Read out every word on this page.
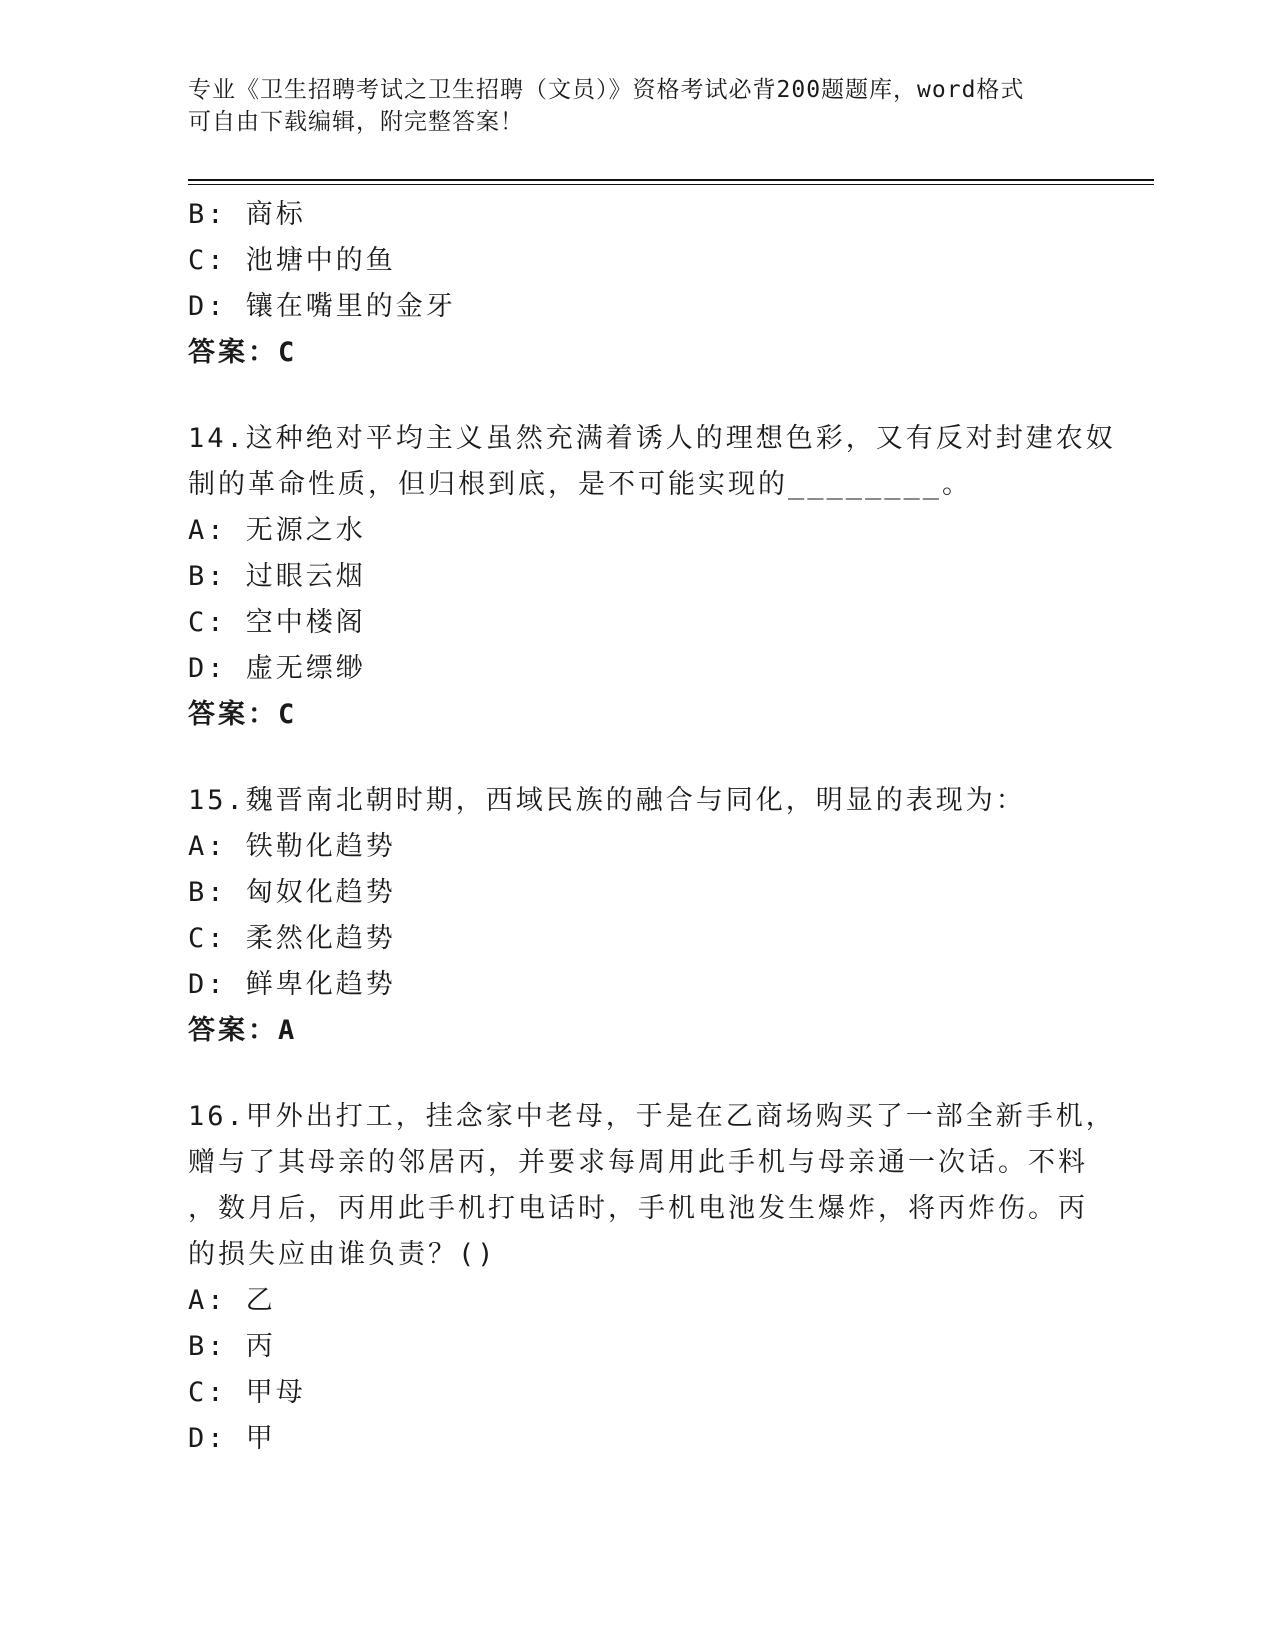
专业《卫生招聘考试之卫生招聘（文员）》资格考试必背200题题库，word格式
可自由下载编辑，附完整答案！
B: 商标
C: 池塘中的鱼
D: 镶在嘴里的金牙
答案：C
14.这种绝对平均主义虽然充满着诱人的理想色彩，又有反对封建农奴
制的革命性质，但归根到底，是不可能实现的________。
A: 无源之水
B: 过眼云烟
C: 空中楼阁
D: 虚无缥缈
答案：C
15.魏晋南北朝时期，西域民族的融合与同化，明显的表现为：
A: 铁勒化趋势
B: 匈奴化趋势
C: 柔然化趋势
D: 鲜卑化趋势
答案：A
16.甲外出打工，挂念家中老母，于是在乙商场购买了一部全新手机，
赠与了其母亲的邻居丙，并要求每周用此手机与母亲通一次话。不料
，数月后，丙用此手机打电话时，手机电池发生爆炸，将丙炸伤。丙
的损失应由谁负责？()
A: 乙
B: 丙
C: 甲母
D: 甲
